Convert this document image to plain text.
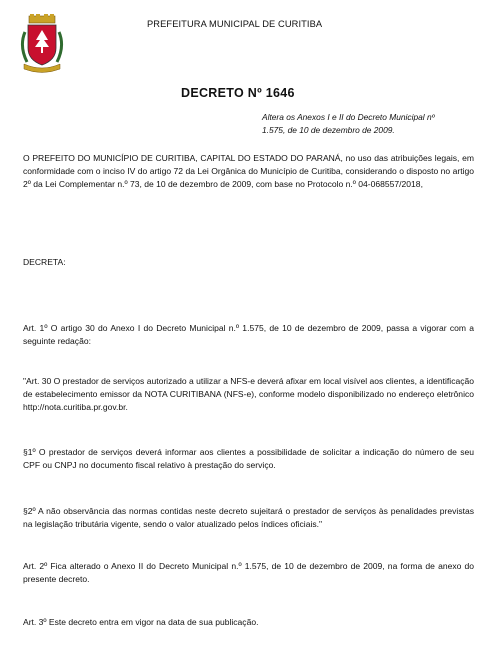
PREFEITURA MUNICIPAL DE CURITIBA
DECRETO Nº 1646
Altera os Anexos I e II do Decreto Municipal nº
1.575, de 10 de dezembro de 2009.
O PREFEITO DO MUNICÍPIO DE CURITIBA, CAPITAL DO ESTADO DO PARANÁ, no uso das atribuições legais, em conformidade com o inciso IV do artigo 72 da Lei Orgânica do Município de Curitiba, considerando o disposto no artigo 2º da Lei Complementar n.º 73, de 10 de dezembro de 2009, com base no Protocolo n.º 04-068557/2018,
DECRETA:
Art. 1º O artigo 30 do Anexo I do Decreto Municipal n.º 1.575, de 10 de dezembro de 2009, passa a vigorar com a seguinte redação:
"Art. 30 O prestador de serviços autorizado a utilizar a NFS-e deverá afixar em local visível aos clientes, a identificação de estabelecimento emissor da NOTA CURITIBANA (NFS-e), conforme modelo disponibilizado no endereço eletrônico http://nota.curitiba.pr.gov.br.
§1º O prestador de serviços deverá informar aos clientes a possibilidade de solicitar a indicação do número de seu CPF ou CNPJ no documento fiscal relativo à prestação do serviço.
§2º A não observância das normas contidas neste decreto sujeitará o prestador de serviços às penalidades previstas na legislação tributária vigente, sendo o valor atualizado pelos índices oficiais."
Art. 2º Fica alterado o Anexo II do Decreto Municipal n.º 1.575, de 10 de dezembro de 2009, na forma de anexo do presente decreto.
Art. 3º Este decreto entra em vigor na data de sua publicação.
